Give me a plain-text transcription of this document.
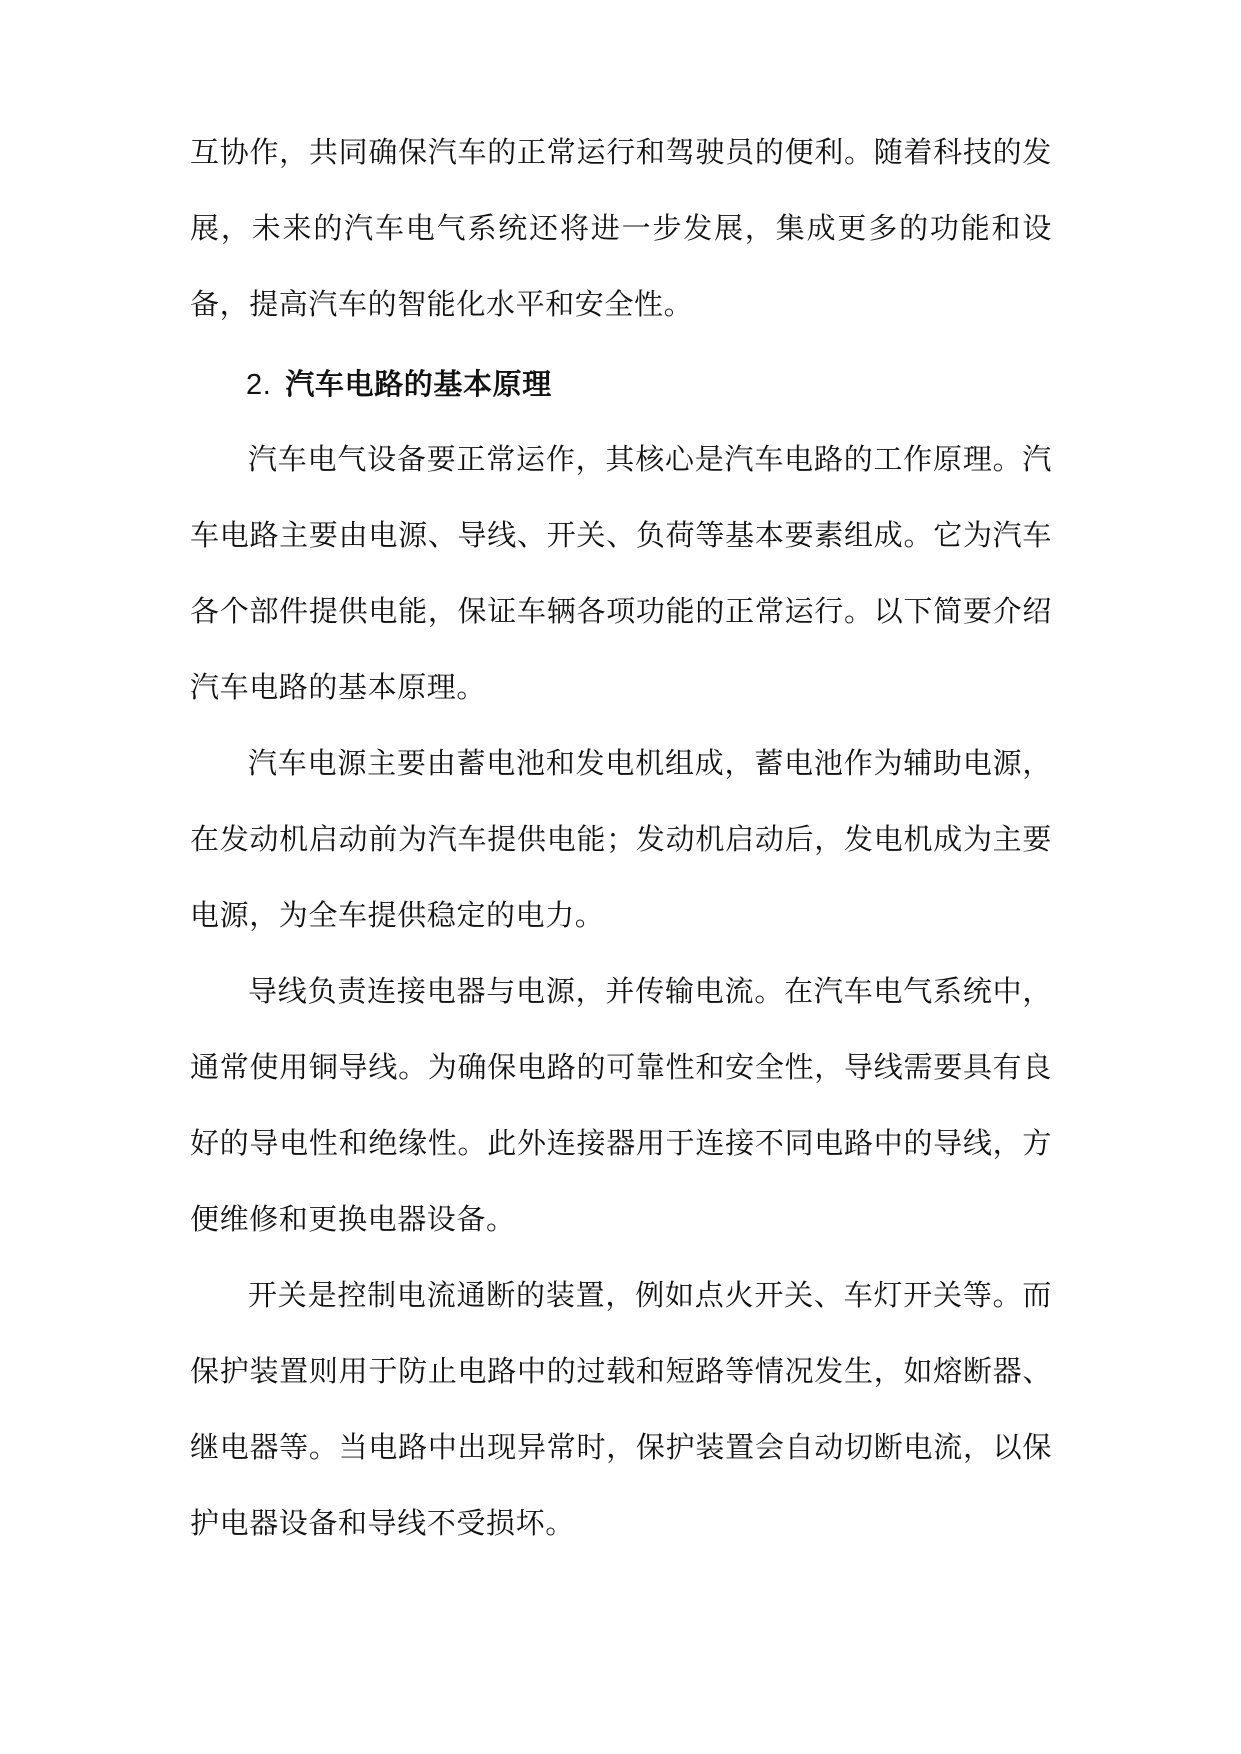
互协作，共同确保汽车的正常运行和驾驶员的便利。随着科技的发展，未来的汽车电气系统还将进一步发展，集成更多的功能和设备，提高汽车的智能化水平和安全性。

2. 汽车电路的基本原理

汽车电气设备要正常运作，其核心是汽车电路的工作原理。汽车电路主要由电源、导线、开关、负荷等基本要素组成。它为汽车各个部件提供电能，保证车辆各项功能的正常运行。以下简要介绍汽车电路的基本原理。

汽车电源主要由蓄电池和发电机组成，蓄电池作为辅助电源，在发动机启动前为汽车提供电能；发动机启动后，发电机成为主要电源，为全车提供稳定的电力。

导线负责连接电器与电源，并传输电流。在汽车电气系统中，通常使用铜导线。为确保电路的可靠性和安全性，导线需要具有良好的导电性和绝缘性。此外连接器用于连接不同电路中的导线，方便维修和更换电器设备。

开关是控制电流通断的装置，例如点火开关、车灯开关等。而保护装置则用于防止电路中的过载和短路等情况发生，如熔断器、继电器等。当电路中出现异常时，保护装置会自动切断电流，以保护电器设备和导线不受损坏。
